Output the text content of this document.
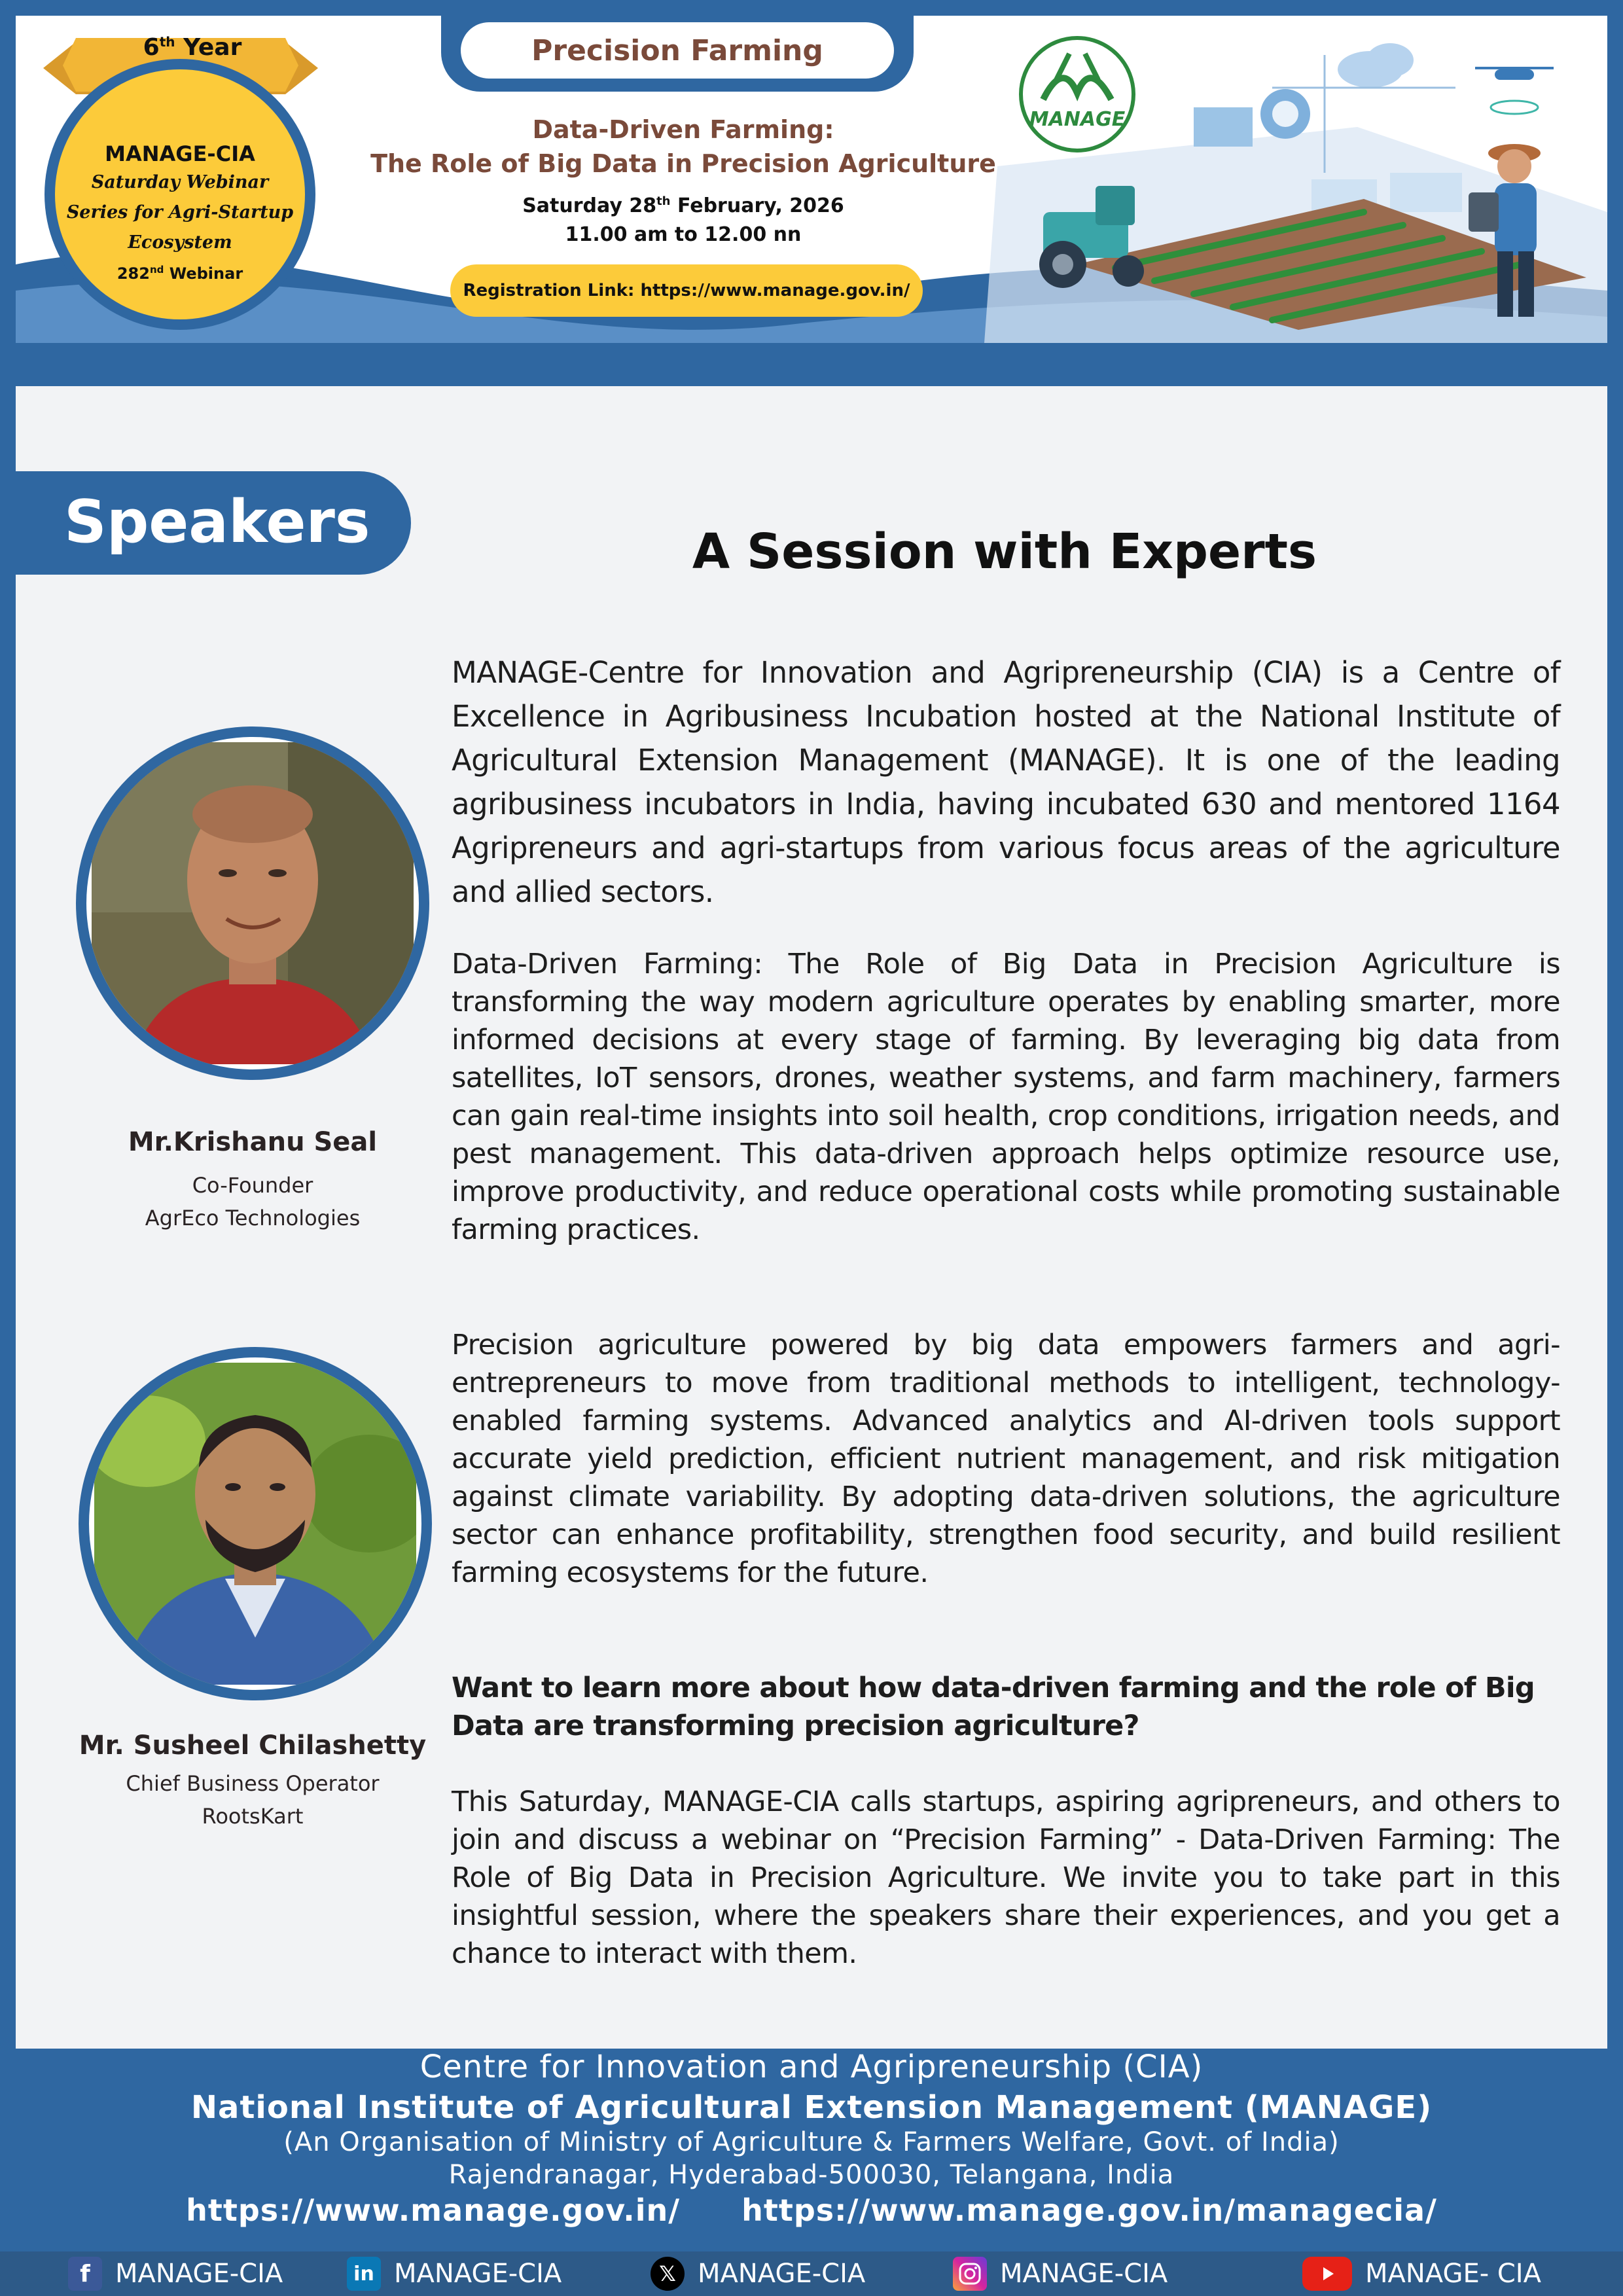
6th Year
MANAGE-CIA
Saturday Webinar
Series for Agri-Startup
Ecosystem
282nd Webinar
Precision Farming
Data-Driven Farming:
The Role of Big Data in Precision Agriculture
Saturday 28th February, 2026
11.00 am to 12.00 nn
Registration Link: https://www.manage.gov.in/
MANAGE
Speakers	A Session with Experts
Mr.Krishanu Seal
Co-Founder
AgrEco Technologies
Mr. Susheel Chilashetty
Chief Business Operator
RootsKart
MANAGE-Centre for Innovation and Agripreneurship (CIA) is a Centre of Excellence in Agribusiness Incubation hosted at the National Institute of Agricultural Extension Management (MANAGE). It is one of the leading agribusiness incubators in India, having incubated 630 and mentored 1164 Agripreneurs and agri-startups from various focus areas of the agriculture and allied sectors.
Data-Driven Farming: The Role of Big Data in Precision Agriculture is transforming the way modern agriculture operates by enabling smarter, more informed decisions at every stage of farming. By leveraging big data from satellites, IoT sensors, drones, weather systems, and farm machinery, farmers can gain real-time insights into soil health, crop conditions, irrigation needs, and pest management. This data-driven approach helps optimize resource use, improve productivity, and reduce operational costs while promoting sustainable farming practices.
Precision agriculture powered by big data empowers farmers and agri-entrepreneurs to move from traditional methods to intelligent, technology-enabled farming systems. Advanced analytics and AI-driven tools support accurate yield prediction, efficient nutrient management, and risk mitigation against climate variability. By adopting data-driven solutions, the agriculture sector can enhance profitability, strengthen food security, and build resilient farming ecosystems for the future.
Want to learn more about how data-driven farming and the role of Big Data are transforming precision agriculture?
This Saturday, MANAGE-CIA calls startups, aspiring agripreneurs, and others to join and discuss a webinar on “Precision Farming” - Data-Driven Farming: The Role of Big Data in Precision Agriculture. We invite you to take part in this insightful session, where the speakers share their experiences, and you get a chance to interact with them.
Centre for Innovation and Agripreneurship (CIA)
National Institute of Agricultural Extension Management (MANAGE)
(An Organisation of Ministry of Agriculture & Farmers Welfare, Govt. of India)
Rajendranagar, Hyderabad-500030, Telangana, India
https://www.manage.gov.in/ https://www.manage.gov.in/managecia/
f MANAGE-CIA	in MANAGE-CIA	𝕏 MANAGE-CIA	MANAGE-CIA	MANAGE- CIA
